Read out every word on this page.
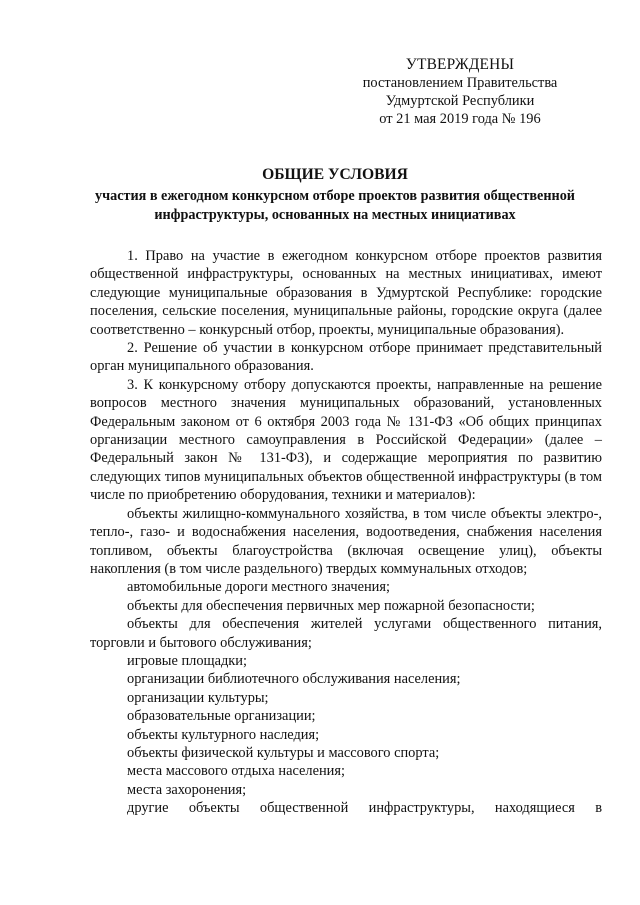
УТВЕРЖДЕНЫ
постановлением Правительства
Удмуртской Республики
от 21 мая 2019 года № 196
ОБЩИЕ УСЛОВИЯ
участия в ежегодном конкурсном отборе проектов развития общественной инфраструктуры, основанных на местных инициативах

1. Право на участие в ежегодном конкурсном отборе проектов развития общественной инфраструктуры, основанных на местных инициативах, имеют следующие муниципальные образования в Удмуртской Республике: городские поселения, сельские поселения, муниципальные районы, городские округа (далее соответственно – конкурсный отбор, проекты, муниципальные образования).

2. Решение об участии в конкурсном отборе принимает представительный орган муниципального образования.

3. К конкурсному отбору допускаются проекты, направленные на решение вопросов местного значения муниципальных образований, установленных Федеральным законом от 6 октября 2003 года № 131-ФЗ «Об общих принципах организации местного самоуправления в Российской Федерации» (далее – Федеральный закон № 131-ФЗ), и содержащие мероприятия по развитию следующих типов муниципальных объектов общественной инфраструктуры (в том числе по приобретению оборудования, техники и материалов):

объекты жилищно-коммунального хозяйства, в том числе объекты электро-, тепло-, газо- и водоснабжения населения, водоотведения, снабжения населения топливом, объекты благоустройства (включая освещение улиц), объекты накопления (в том числе раздельного) твердых коммунальных отходов;

автомобильные дороги местного значения;

объекты для обеспечения первичных мер пожарной безопасности;

объекты для обеспечения жителей услугами общественного питания, торговли и бытового обслуживания;

игровые площадки;

организации библиотечного обслуживания населения;

организации культуры;

образовательные организации;

объекты культурного наследия;

объекты физической культуры и массового спорта;

места массового отдыха населения;

места захоронения;

другие объекты общественной инфраструктуры, находящиеся в
